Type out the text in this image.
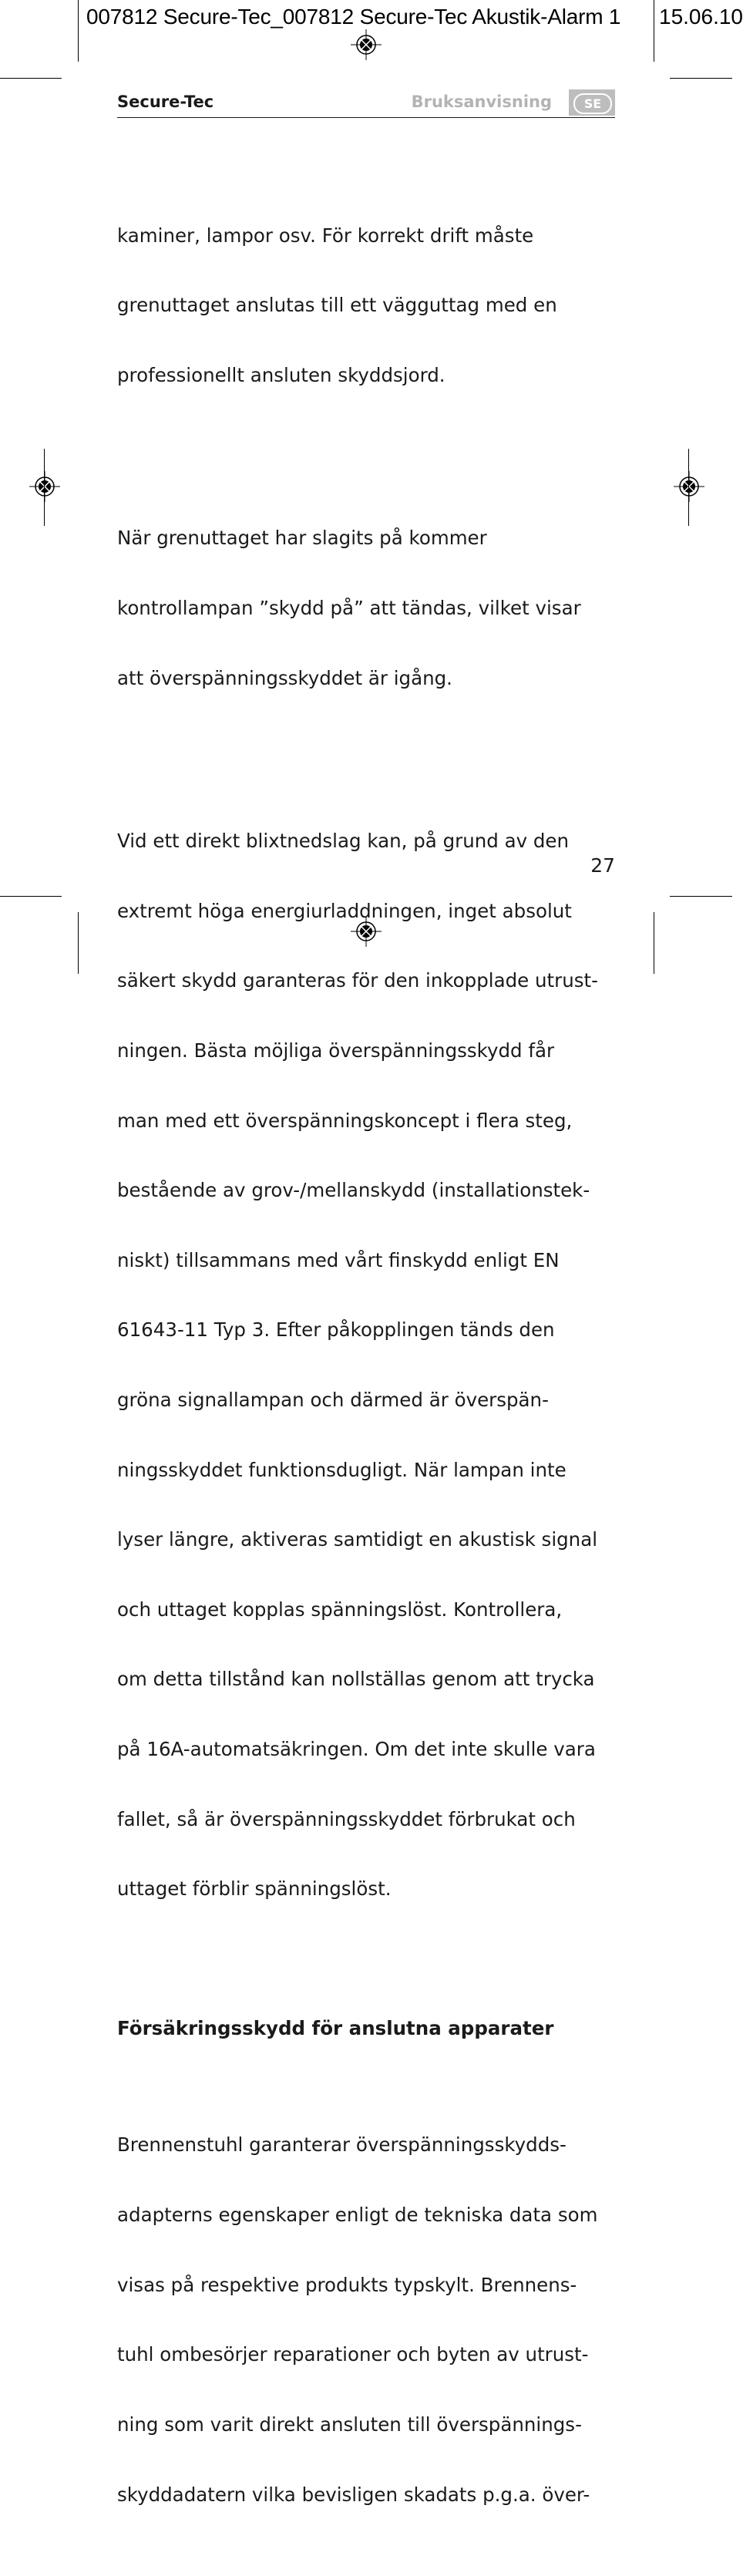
007812 Secure-Tec_007812 Secure-Tec Akustik-Alarm 1 15.06.10
Secure-Tec	Bruksanvisning	SE

kaminer, lampor osv. För korrekt drift måste

grenuttaget anslutas till ett vägguttag med en

professionellt ansluten skyddsjord.

När grenuttaget har slagits på kommer

kontrollampan ”skydd på” att tändas, vilket visar

att överspänningsskyddet är igång.

Vid ett direkt blixtnedslag kan, på grund av den

extremt höga energiurladdningen, inget absolut

säkert skydd garanteras för den inkopplade utrust-

ningen. Bästa möjliga överspänningsskydd får

man med ett överspänningskoncept i flera steg,

bestående av grov-/mellanskydd (installationstek-

niskt) tillsammans med vårt finskydd enligt EN

61643-11 Typ 3. Efter påkopplingen tänds den

gröna signallampan och därmed är överspän-

ningsskyddet funktionsdugligt. När lampan inte

lyser längre, aktiveras samtidigt en akustisk signal

och uttaget kopplas spänningslöst. Kontrollera,

om detta tillstånd kan nollställas genom att trycka

på 16A-automatsäkringen. Om det inte skulle vara

fallet, så är överspänningsskyddet förbrukat och

uttaget förblir spänningslöst.

Försäkringsskydd för anslutna apparater

Brennenstuhl garanterar överspänningsskydds-

adapterns egenskaper enligt de tekniska data som

visas på respektive produkts typskylt. Brennens-

tuhl ombesörjer reparationer och byten av utrust-

ning som varit direkt ansluten till överspännings-

skyddadatern vilka bevisligen skadats p.g.a. över-

27
